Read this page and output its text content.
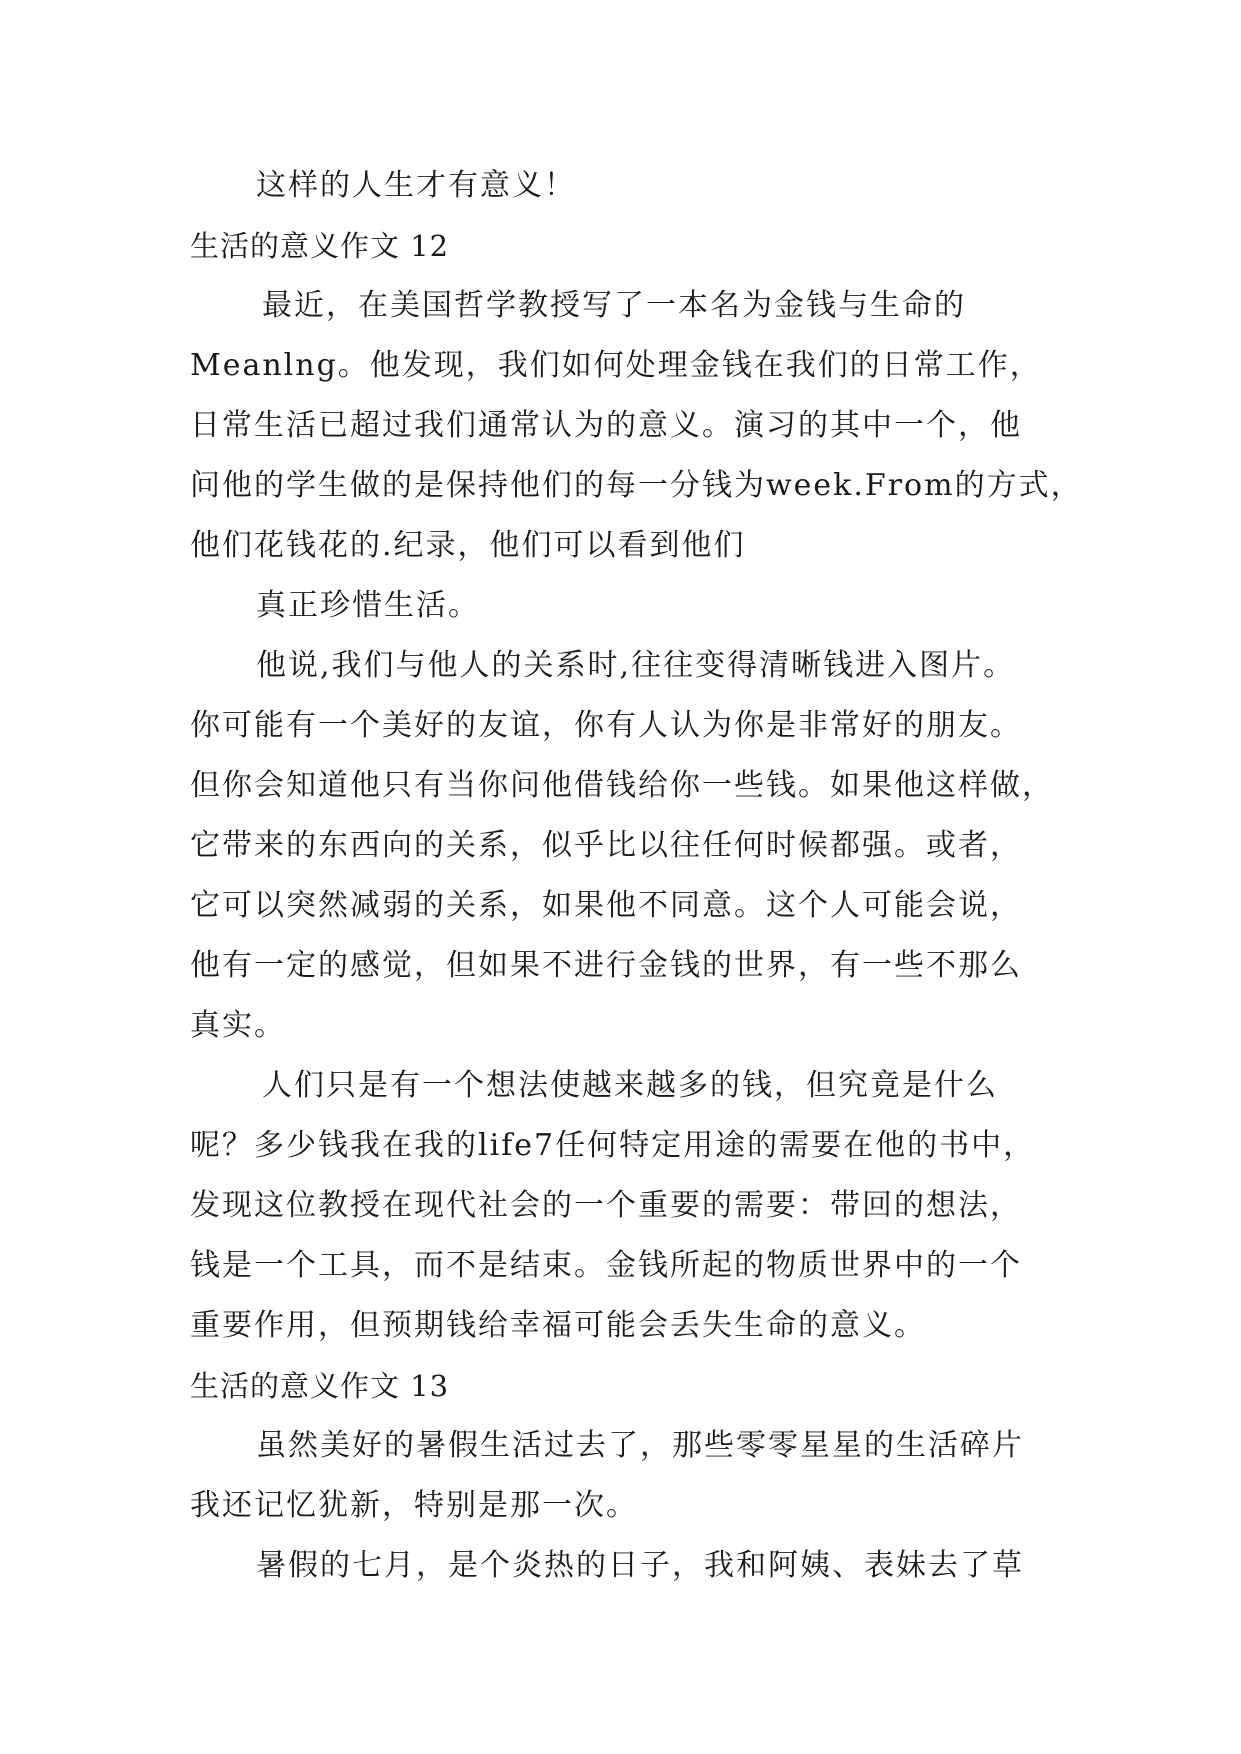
这样的人生才有意义！
生活的意义作文 12
最近，在美国哲学教授写了一本名为金钱与生命的
Meanlng。他发现，我们如何处理金钱在我们的日常工作，
日常生活已超过我们通常认为的意义。演习的其中一个，他
问他的学生做的是保持他们的每一分钱为week.From的方式，
他们花钱花的.纪录，他们可以看到他们
真正珍惜生活。
他说,我们与他人的关系时,往往变得清晰钱进入图片。
你可能有一个美好的友谊，你有人认为你是非常好的朋友。
但你会知道他只有当你问他借钱给你一些钱。如果他这样做，
它带来的东西向的关系，似乎比以往任何时候都强。或者，
它可以突然减弱的关系，如果他不同意。这个人可能会说，
他有一定的感觉，但如果不进行金钱的世界，有一些不那么
真实。
人们只是有一个想法使越来越多的钱，但究竟是什么
呢？多少钱我在我的life7任何特定用途的需要在他的书中，
发现这位教授在现代社会的一个重要的需要：带回的想法，
钱是一个工具，而不是结束。金钱所起的物质世界中的一个
重要作用，但预期钱给幸福可能会丢失生命的意义。
生活的意义作文 13
虽然美好的暑假生活过去了，那些零零星星的生活碎片
我还记忆犹新，特别是那一次。
暑假的七月，是个炎热的日子，我和阿姨、表妹去了草
